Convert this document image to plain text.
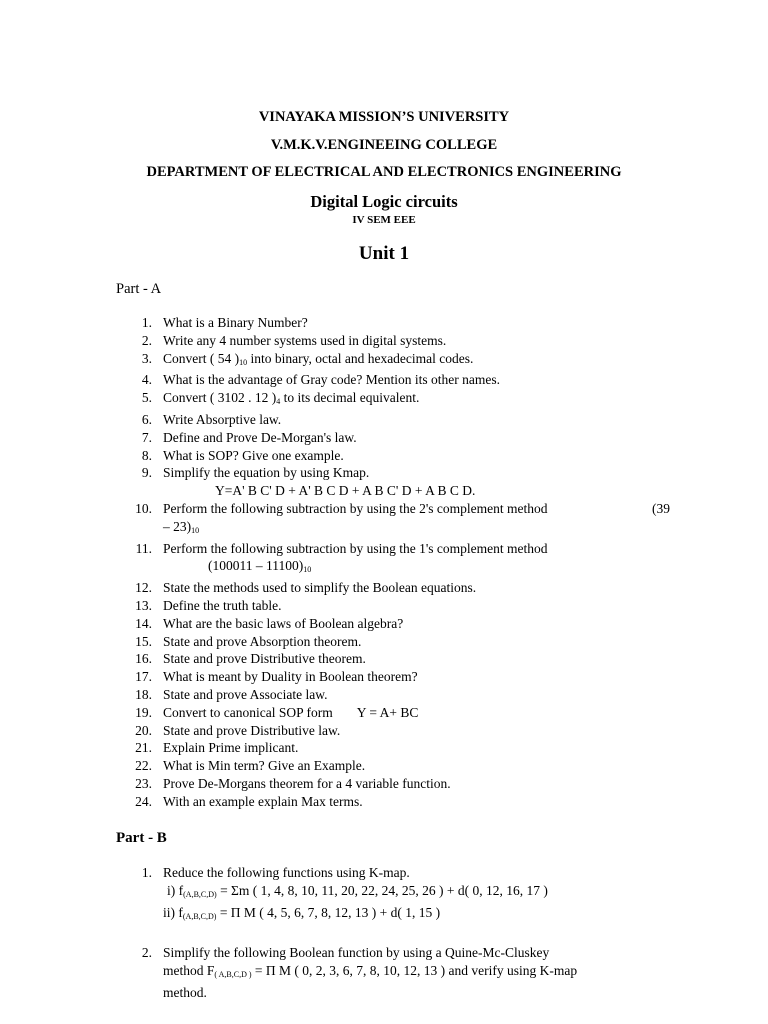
VINAYAKA MISSION’S UNIVERSITY
V.M.K.V.ENGINEEING COLLEGE
DEPARTMENT OF ELECTRICAL AND ELECTRONICS ENGINEERING
Digital Logic circuits
IV SEM EEE
Unit 1
Part - A
1. What is a Binary Number?
2. Write any 4 number systems used in digital systems.
3. Convert ( 54 )$_{10}$ into binary, octal and hexadecimal codes.
4. What is the advantage of Gray code? Mention its other names.
5. Convert ( 3102 . 12 )$_4$ to its decimal equivalent.
6. Write Absorptive law.
7. Define and Prove De-Morgan's law.
8. What is SOP? Give one example.
9. Simplify the equation by using Kmap.
Y=A' B C' D + A' B C D + A B C' D + A B C D.
10. Perform the following subtraction by using the 2's complement method	(39
– $23)_{10}$
11. Perform the following subtraction by using the 1's complement method
$(100011 - 11100)_{10}$
12. State the methods used to simplify the Boolean equations.
13. Define the truth table.
14. What are the basic laws of Boolean algebra?
15. State and prove Absorption theorem.
16. State and prove Distributive theorem.
17. What is meant by Duality in Boolean theorem?
18. State and prove Associate law.
19. Convert to canonical SOP form Y = A+ BC
20. State and prove Distributive law.
21. Explain Prime implicant.
22. What is Min term? Give an Example.
23. Prove De-Morgans theorem for a 4 variable function.
24. With an example explain Max terms.
Part - B
1. Reduce the following functions using K-map.
i) $f_{(A,B,C,D)} = \Sigma m$ ( 1, 4, 8, 10, 11, 20, 22, 24, 25, 26 ) + d( 0, 12, 16, 17 )
ii) $f_{(A,B,C,D)} = \Pi$ M ( 4, 5, 6, 7, 8, 12, 13 ) + d( 1, 15 )
2. Simplify the following Boolean function by using a Quine-Mc-Cluskey
method $F_{( A,B,C,D )} = \Pi$ M ( 0, 2, 3, 6, 7, 8, 10, 12, 13 ) and verify using K-map
method.
